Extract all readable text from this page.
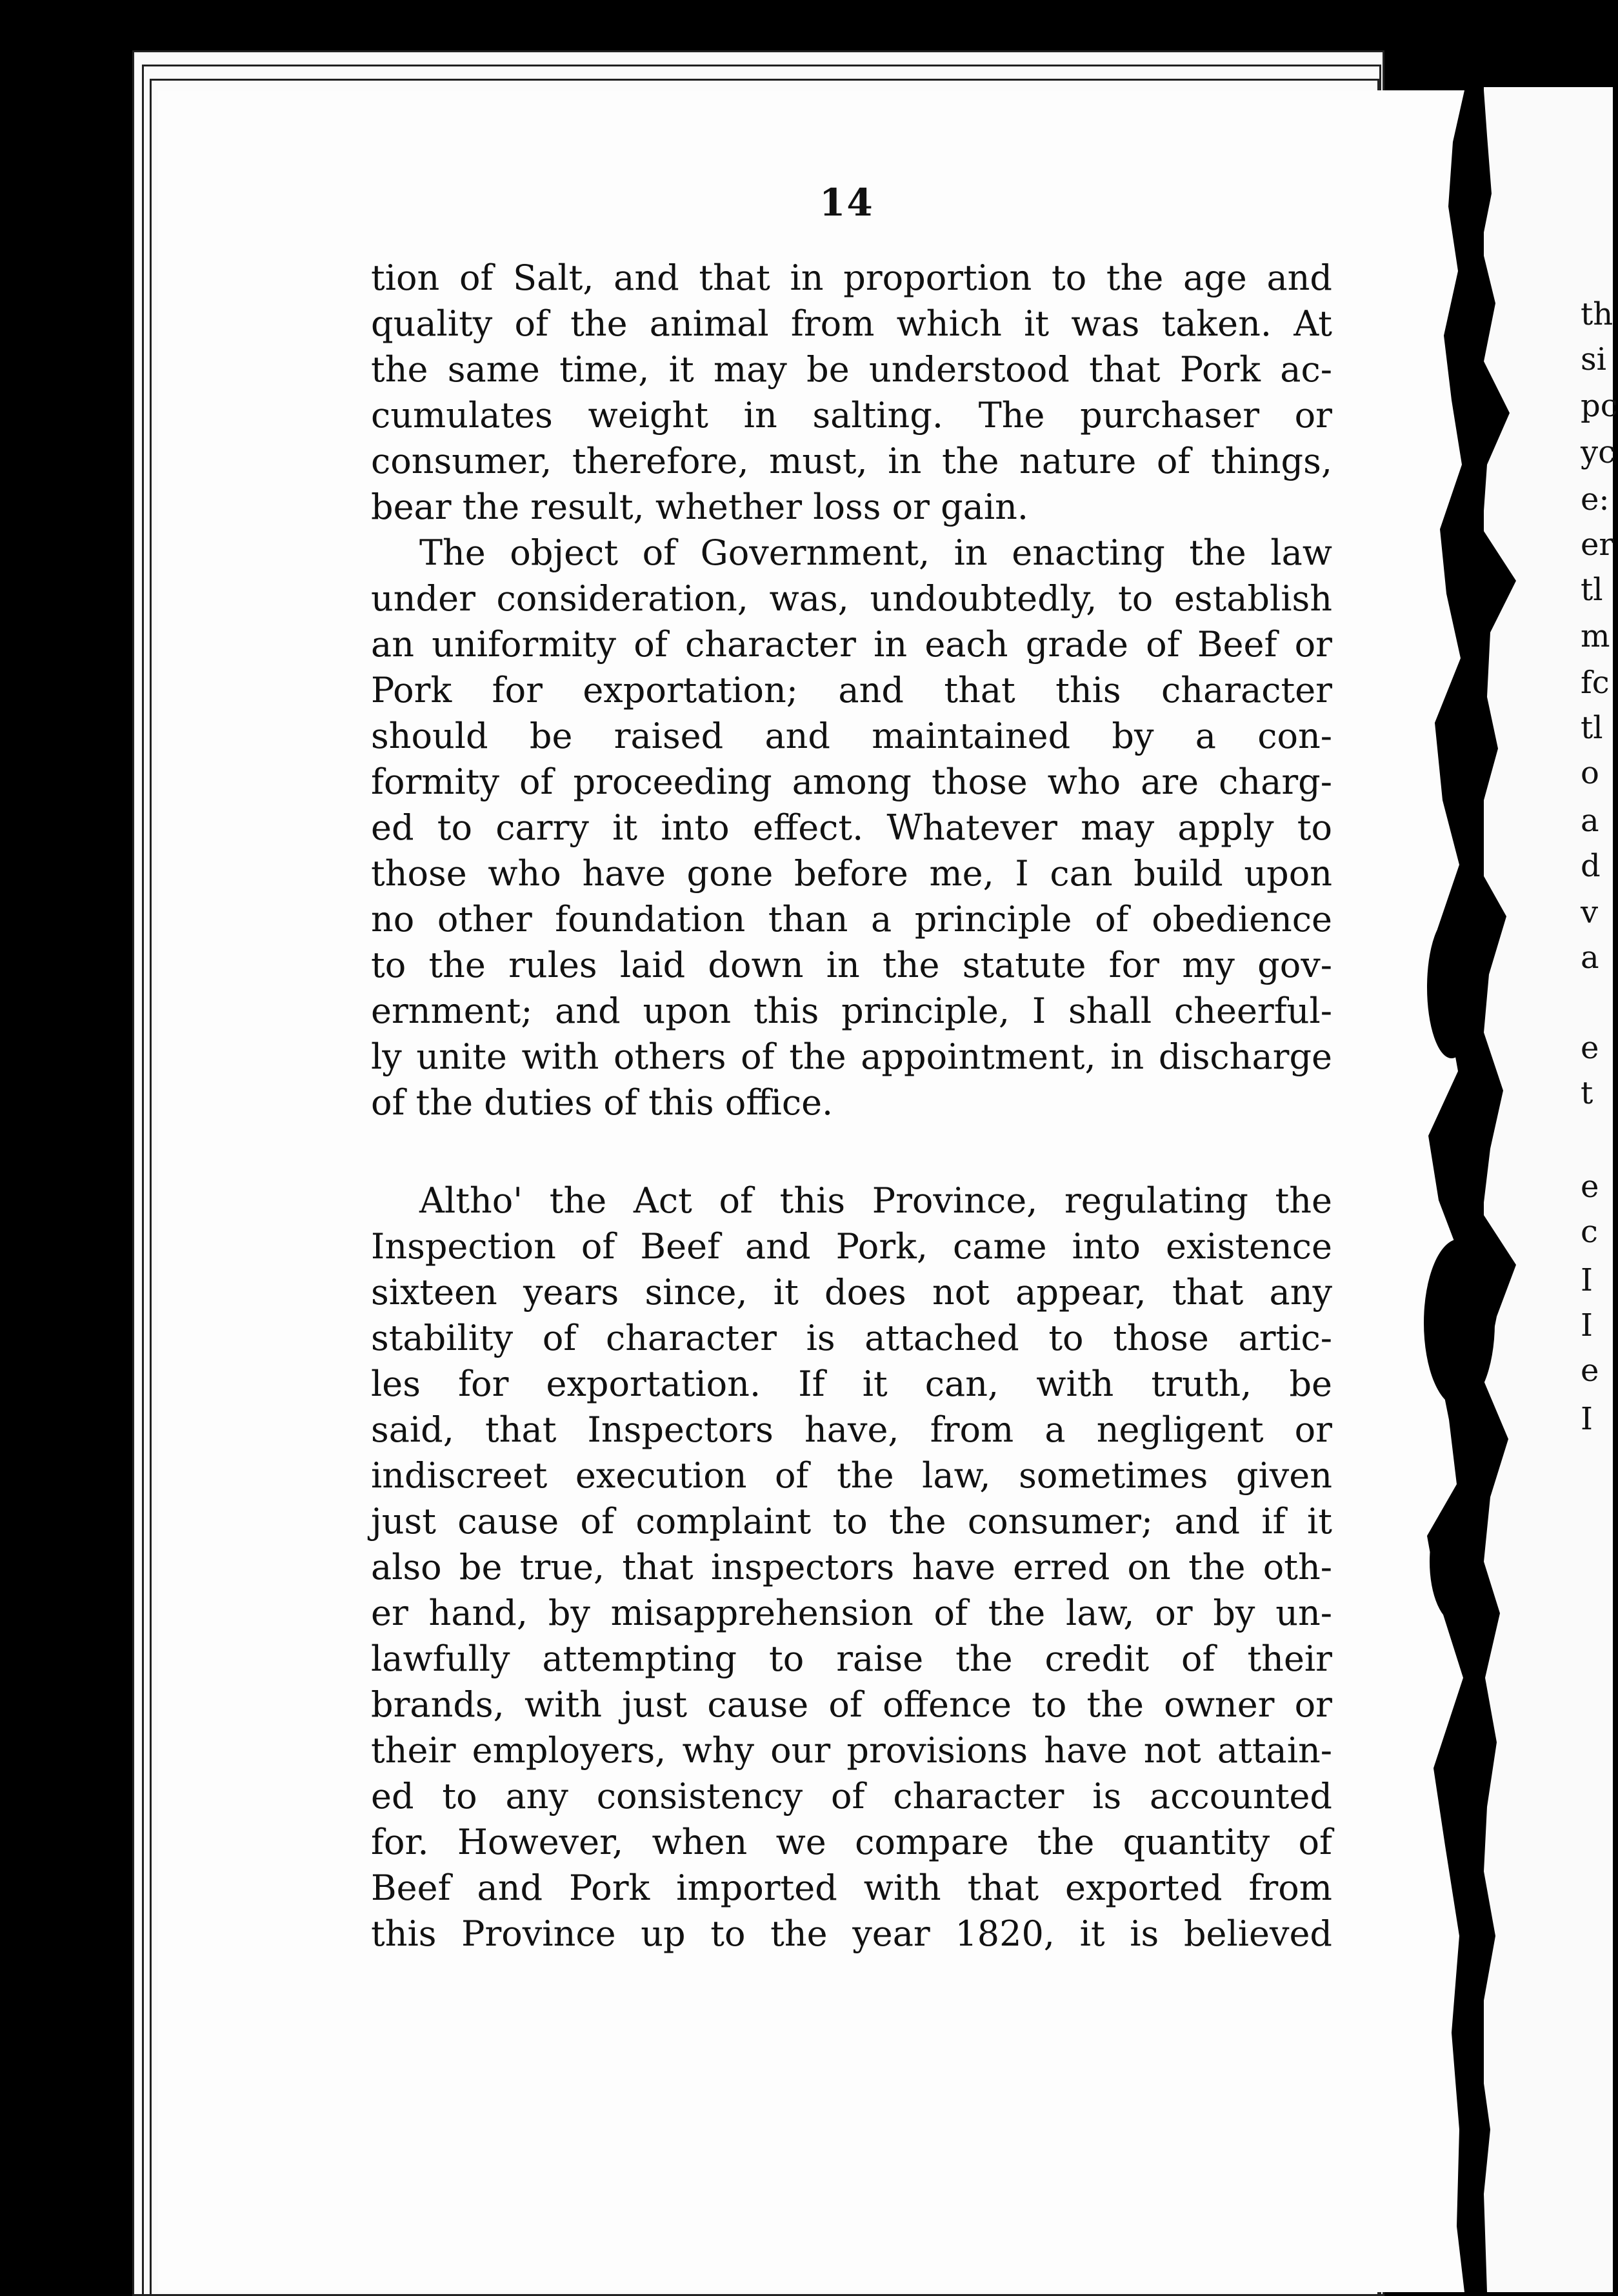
th
si
pc
yc
e:
er
tl
m
fc
tl
o
a
d
v
a
e
t
e
c
I
I
e
I
14
tion of Salt, and that in proportion to the age and
quality of the animal from which it was taken. At
the same time, it may be understood that Pork ac-
cumulates weight in salting. The purchaser or
consumer, therefore, must, in the nature of things,
bear the result, whether loss or gain.
The object of Government, in enacting the law
under consideration, was, undoubtedly, to establish
an uniformity of character in each grade of Beef or
Pork for exportation; and that this character
should be raised and maintained by a con-
formity of proceeding among those who are charg-
ed to carry it into effect. Whatever may apply to
those who have gone before me, I can build upon
no other foundation than a principle of obedience
to the rules laid down in the statute for my gov-
ernment; and upon this principle, I shall cheerful-
ly unite with others of the appointment, in discharge
of the duties of this office.
Altho' the Act of this Province, regulating the
Inspection of Beef and Pork, came into existence
sixteen years since, it does not appear, that any
stability of character is attached to those artic-
les for exportation. If it can, with truth, be
said, that Inspectors have, from a negligent or
indiscreet execution of the law, sometimes given
just cause of complaint to the consumer; and if it
also be true, that inspectors have erred on the oth-
er hand, by misapprehension of the law, or by un-
lawfully attempting to raise the credit of their
brands, with just cause of offence to the owner or
their employers, why our provisions have not attain-
ed to any consistency of character is accounted
for. However, when we compare the quantity of
Beef and Pork imported with that exported from
this Province up to the year 1820, it is believed
